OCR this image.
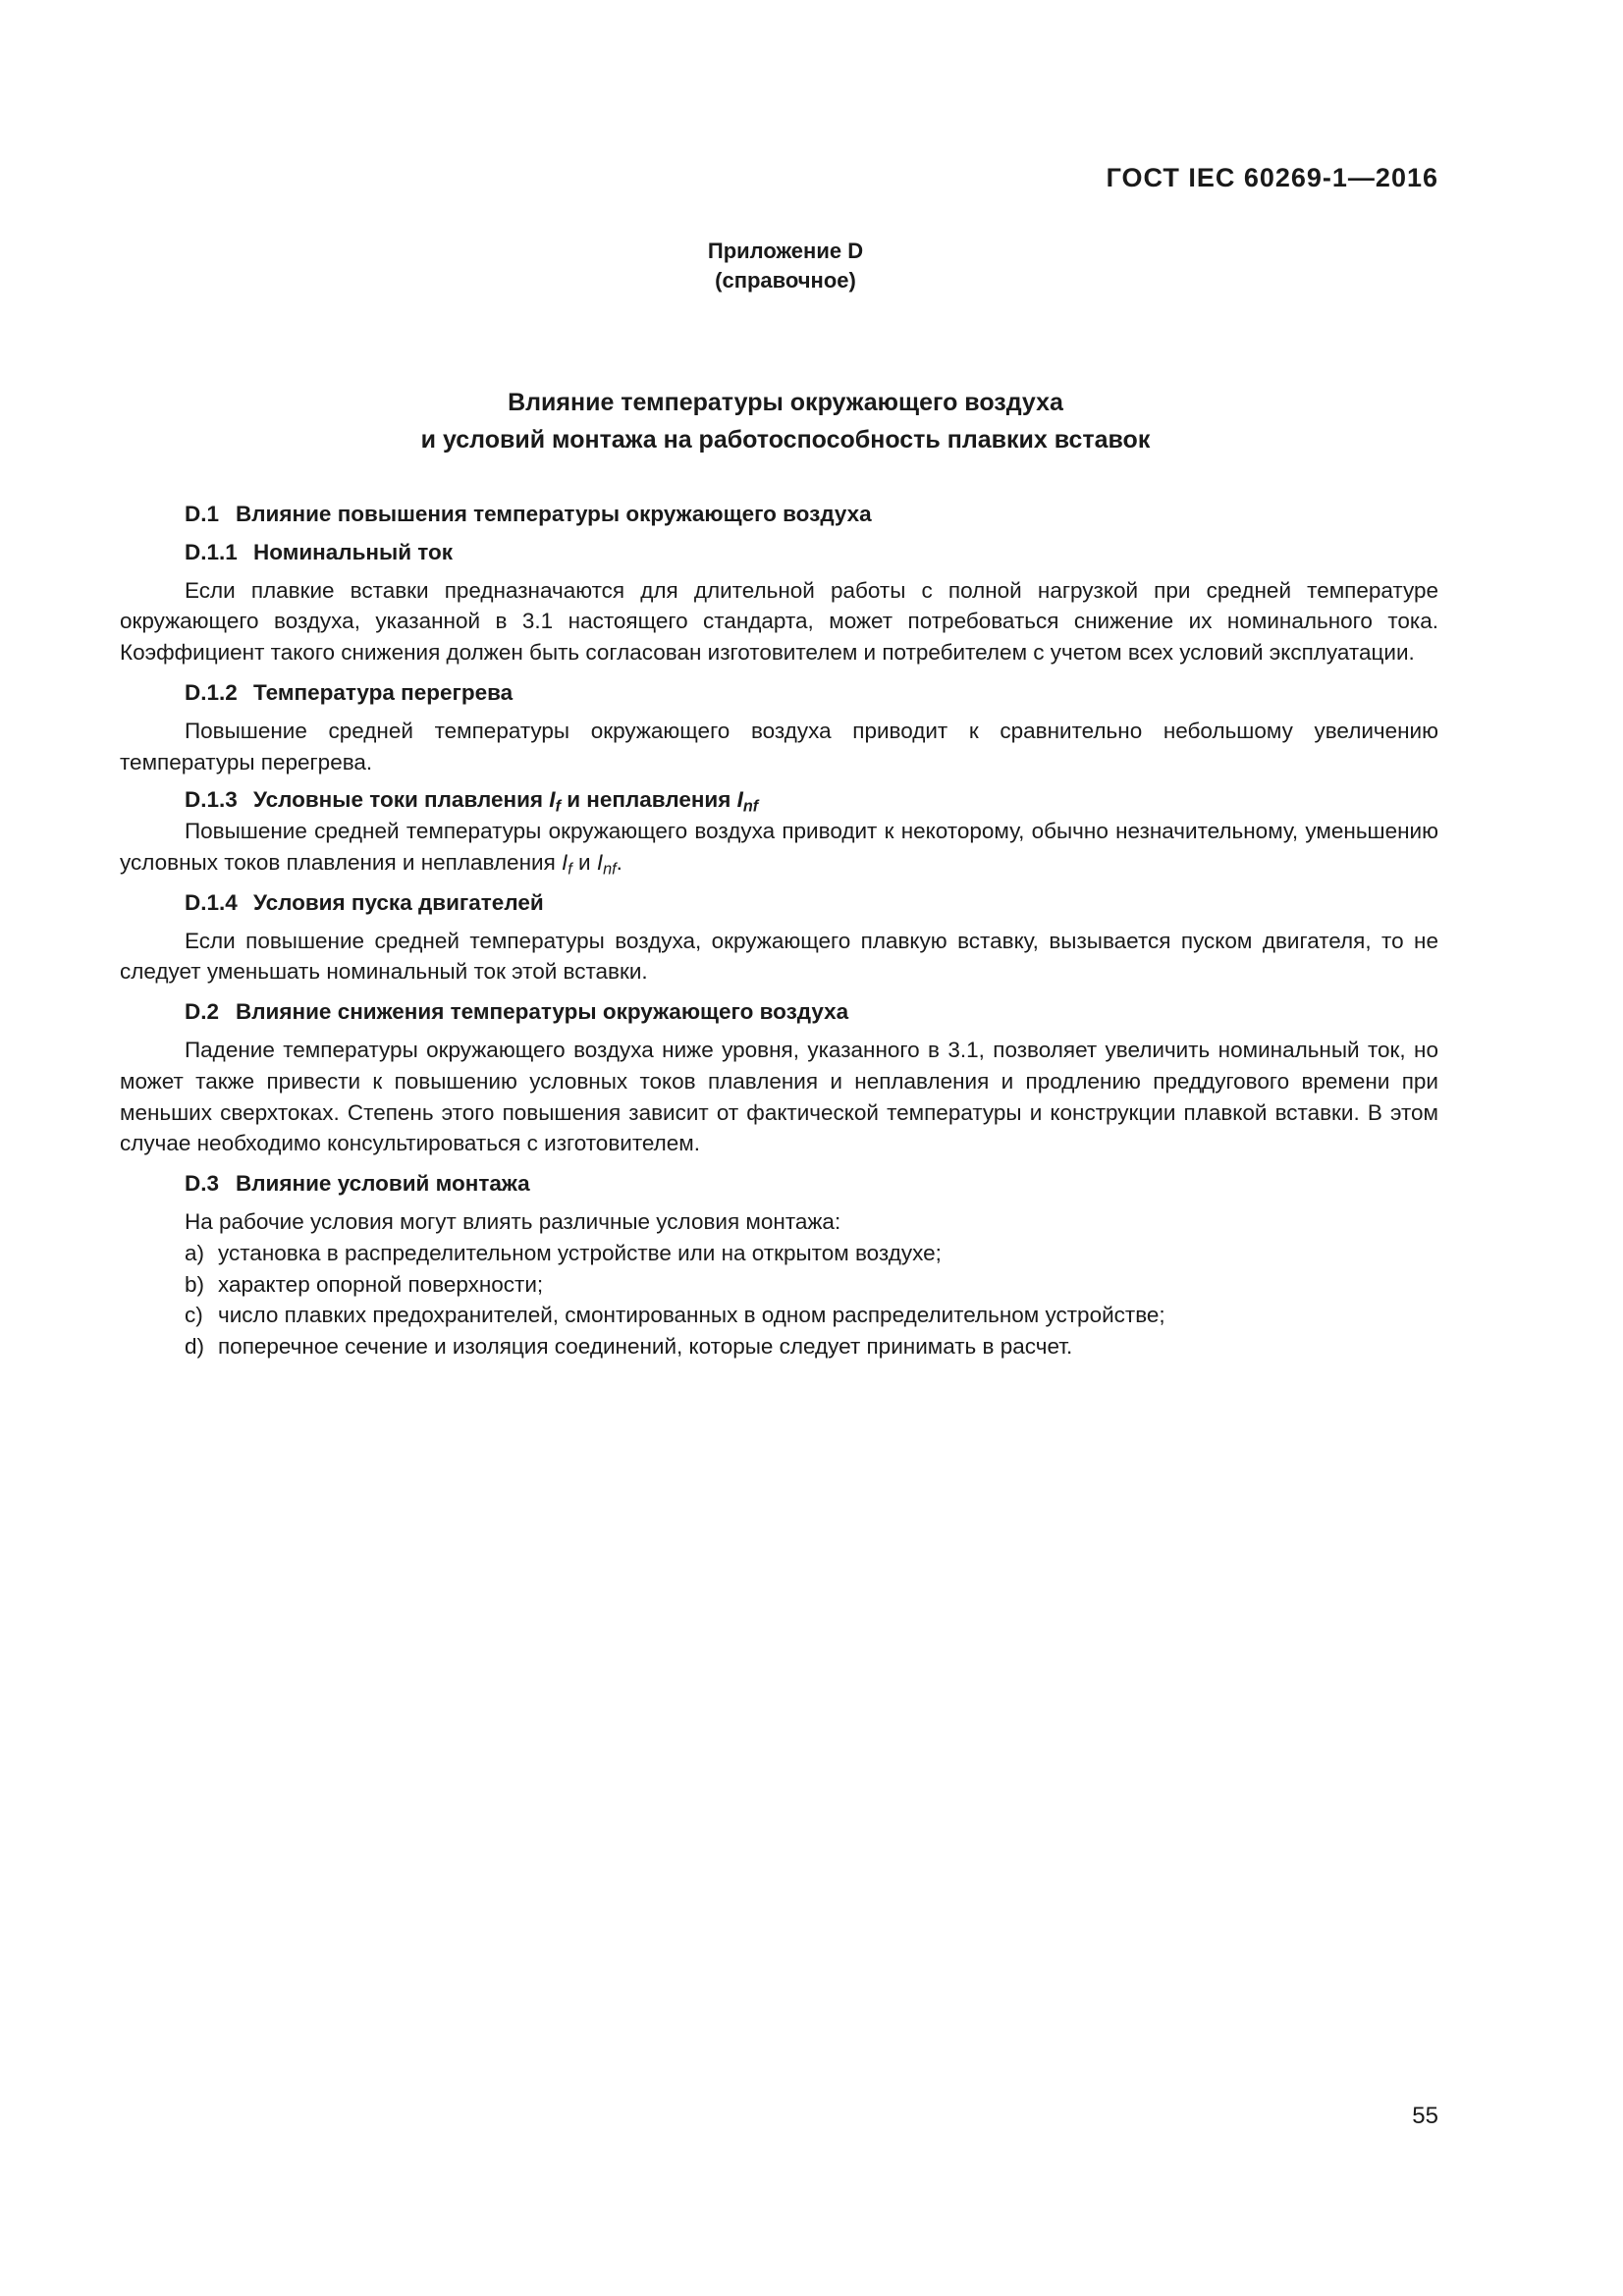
ГОСТ IEC 60269-1—2016
Приложение D
(справочное)
Влияние температуры окружающего воздуха
и условий монтажа на работоспособность плавких вставок

D.1 Влияние повышения температуры окружающего воздуха

D.1.1 Номинальный ток

Если плавкие вставки предназначаются для длительной работы с полной нагрузкой при средней температуре окружающего воздуха, указанной в 3.1 настоящего стандарта, может потребоваться снижение их номинального тока. Коэффициент такого снижения должен быть согласован изготовителем и потребителем с учетом всех условий эксплуатации.

D.1.2 Температура перегрева

Повышение средней температуры окружающего воздуха приводит к сравнительно небольшому увеличению температуры перегрева.

D.1.3 Условные токи плавления $I_f$ и неплавления $I_{nf}$

Повышение средней температуры окружающего воздуха приводит к некоторому, обычно незначительному, уменьшению условных токов плавления и неплавления $I_f$ и $I_{nf}$.

D.1.4 Условия пуска двигателей

Если повышение средней температуры воздуха, окружающего плавкую вставку, вызывается пуском двигателя, то не следует уменьшать номинальный ток этой вставки.

D.2 Влияние снижения температуры окружающего воздуха

Падение температуры окружающего воздуха ниже уровня, указанного в 3.1, позволяет увеличить номинальный ток, но может также привести к повышению условных токов плавления и неплавления и продлению преддугового времени при меньших сверхтоках. Степень этого повышения зависит от фактической температуры и конструкции плавкой вставки. В этом случае необходимо консультироваться с изготовителем.

D.3 Влияние условий монтажа

На рабочие условия могут влиять различные условия монтажа:

a) установка в распределительном устройстве или на открытом воздухе;

b) характер опорной поверхности;

c) число плавких предохранителей, смонтированных в одном распределительном устройстве;

d) поперечное сечение и изоляция соединений, которые следует принимать в расчет.

55
